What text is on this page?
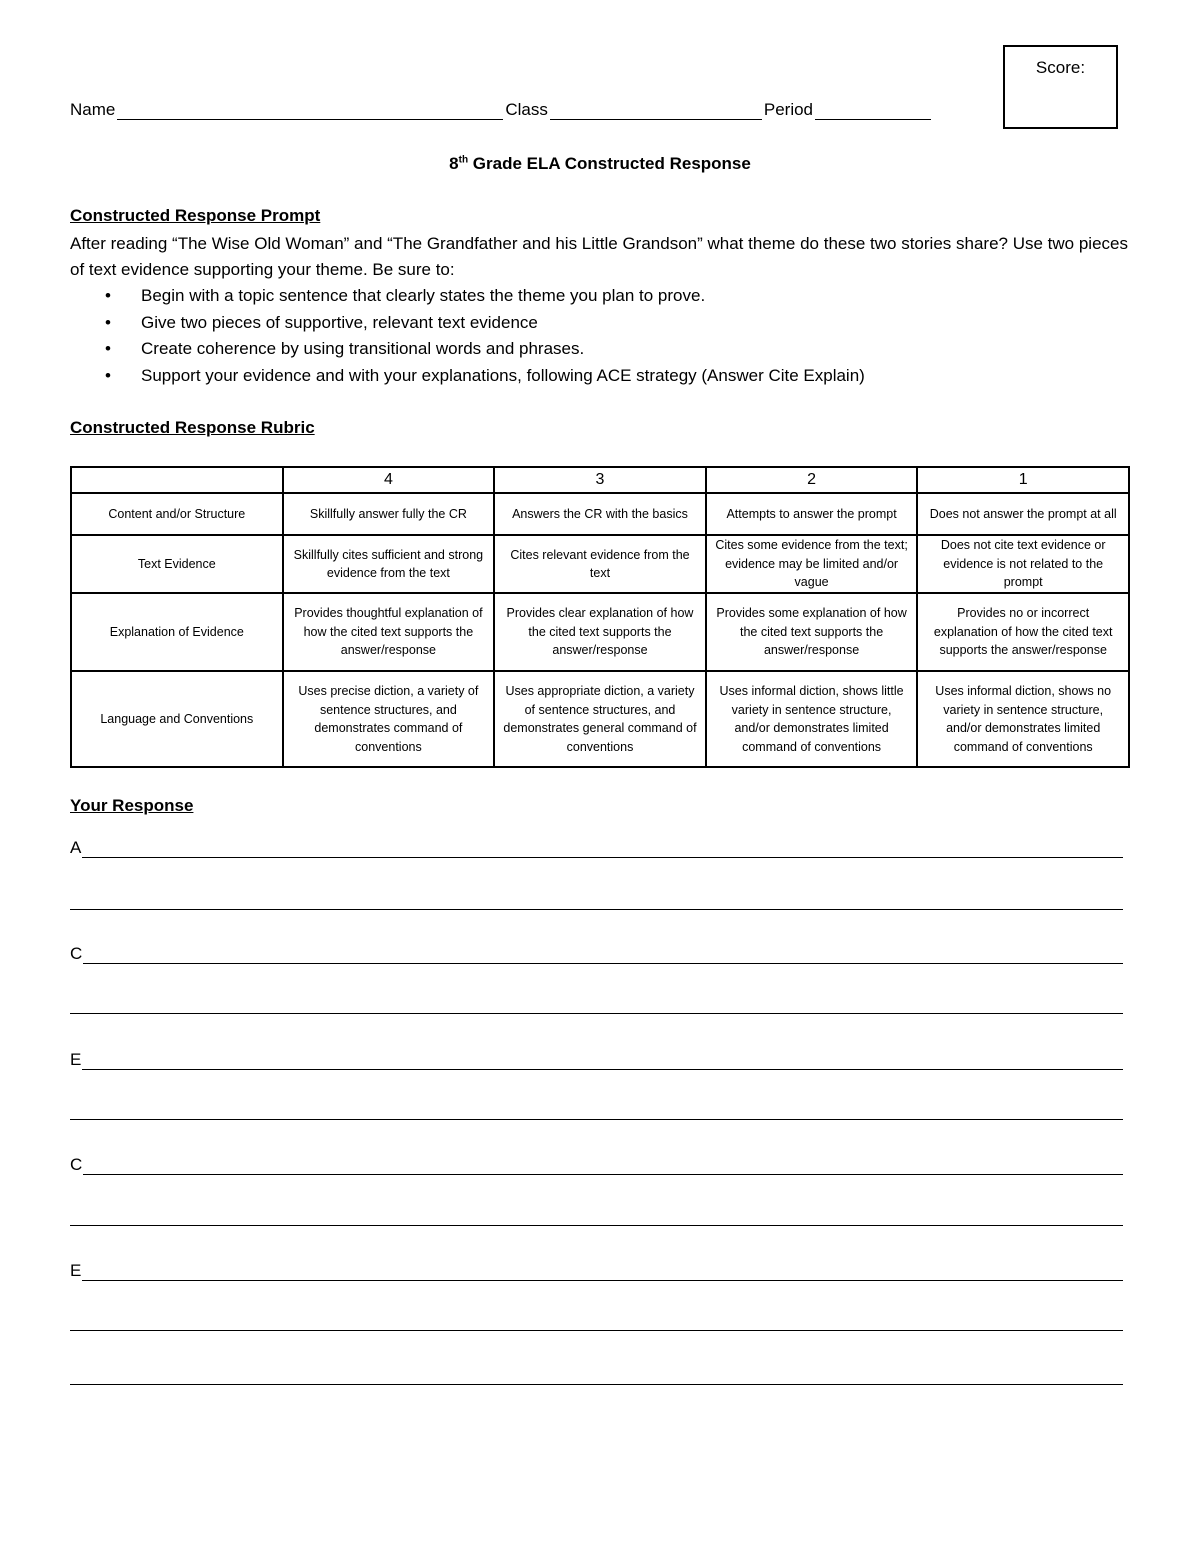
Score:
Name	Class	Period
8th Grade ELA Constructed Response
Constructed Response Prompt
After reading “The Wise Old Woman” and “The Grandfather and his Little Grandson” what theme do these two stories share? Use two pieces of text evidence supporting your theme. Be sure to:
• Begin with a topic sentence that clearly states the theme you plan to prove.
• Give two pieces of supportive, relevant text evidence
• Create coherence by using transitional words and phrases.
• Support your evidence and with your explanations, following ACE strategy (Answer Cite Explain)
Constructed Response Rubric
	4	3	2	1
Content and/or Structure	Skillfully answer fully the CR	Answers the CR with the basics	Attempts to answer the prompt	Does not answer the prompt at all
Text Evidence	Skillfully cites sufficient and strong evidence from the text	Cites relevant evidence from the text	Cites some evidence from the text; evidence may be limited and/or vague	Does not cite text evidence or evidence is not related to the prompt
Explanation of Evidence	Provides thoughtful explanation of how the cited text supports the answer/response	Provides clear explanation of how the cited text supports the answer/response	Provides some explanation of how the cited text supports the answer/response	Provides no or incorrect explanation of how the cited text supports the answer/response
Language and Conventions	Uses precise diction, a variety of sentence structures, and demonstrates command of conventions	Uses appropriate diction, a variety of sentence structures, and demonstrates general command of conventions	Uses informal diction, shows little variety in sentence structure, and/or demonstrates limited command of conventions	Uses informal diction, shows no variety in sentence structure, and/or demonstrates limited command of conventions
Your Response
A
C
E
C
E
